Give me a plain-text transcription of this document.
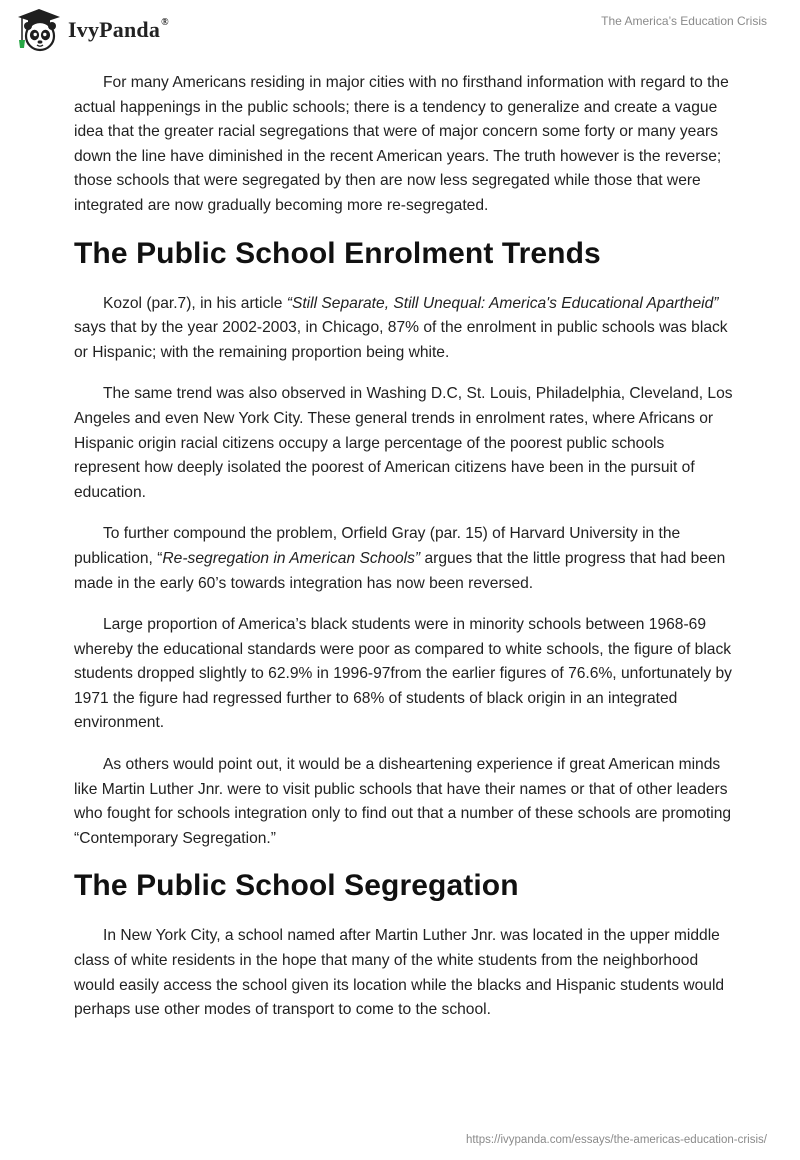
IvyPanda®	The America’s Education Crisis

For many Americans residing in major cities with no firsthand information with regard to the actual happenings in the public schools; there is a tendency to generalize and create a vague idea that the greater racial segregations that were of major concern some forty or many years down the line have diminished in the recent American years. The truth however is the reverse; those schools that were segregated by then are now less segregated while those that were integrated are now gradually becoming more re-segregated.

The Public School Enrolment Trends

Kozol (par.7), in his article “Still Separate, Still Unequal: America's Educational Apartheid” says that by the year 2002-2003, in Chicago, 87% of the enrolment in public schools was black or Hispanic; with the remaining proportion being white.

The same trend was also observed in Washing D.C, St. Louis, Philadelphia, Cleveland, Los Angeles and even New York City. These general trends in enrolment rates, where Africans or Hispanic origin racial citizens occupy a large percentage of the poorest public schools represent how deeply isolated the poorest of American citizens have been in the pursuit of education.

To further compound the problem, Orfield Gray (par. 15) of Harvard University in the publication, “Re-segregation in American Schools” argues that the little progress that had been made in the early 60’s towards integration has now been reversed.

Large proportion of America’s black students were in minority schools between 1968-69 whereby the educational standards were poor as compared to white schools, the figure of black students dropped slightly to 62.9% in 1996-97from the earlier figures of 76.6%, unfortunately by 1971 the figure had regressed further to 68% of students of black origin in an integrated environment.

As others would point out, it would be a disheartening experience if great American minds like Martin Luther Jnr. were to visit public schools that have their names or that of other leaders who fought for schools integration only to find out that a number of these schools are promoting “Contemporary Segregation.”

The Public School Segregation

In New York City, a school named after Martin Luther Jnr. was located in the upper middle class of white residents in the hope that many of the white students from the neighborhood would easily access the school given its location while the blacks and Hispanic students would perhaps use other modes of transport to come to the school.

https://ivypanda.com/essays/the-americas-education-crisis/
